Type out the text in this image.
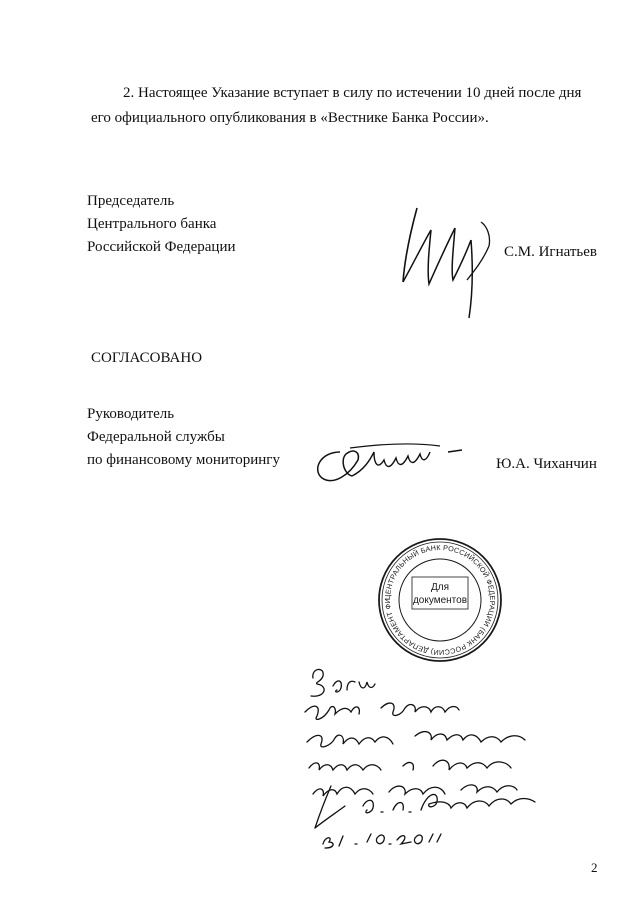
2. Настоящее Указание вступает в силу по истечении 10 дней после дня
его официального опубликования в «Вестнике Банка России».
Председатель
Центрального банка
Российской Федерации	С.М. Игнатьев
СОГЛАСОВАНО
Руководитель
Федеральной службы
по финансовому мониторингу	Ю.А. Чиханчин
ЦЕНТРАЛЬНЫЙ БАНК РОССИЙСКОЙ ФЕДЕРАЦИИ (БАНК РОССИИ) ДЕПАРТАМЕНТ ФИНАНСОВОГО МОНИТОРИНГА И ВАЛЮТНОГО КОНТРОЛЯ
Для
документов
2
